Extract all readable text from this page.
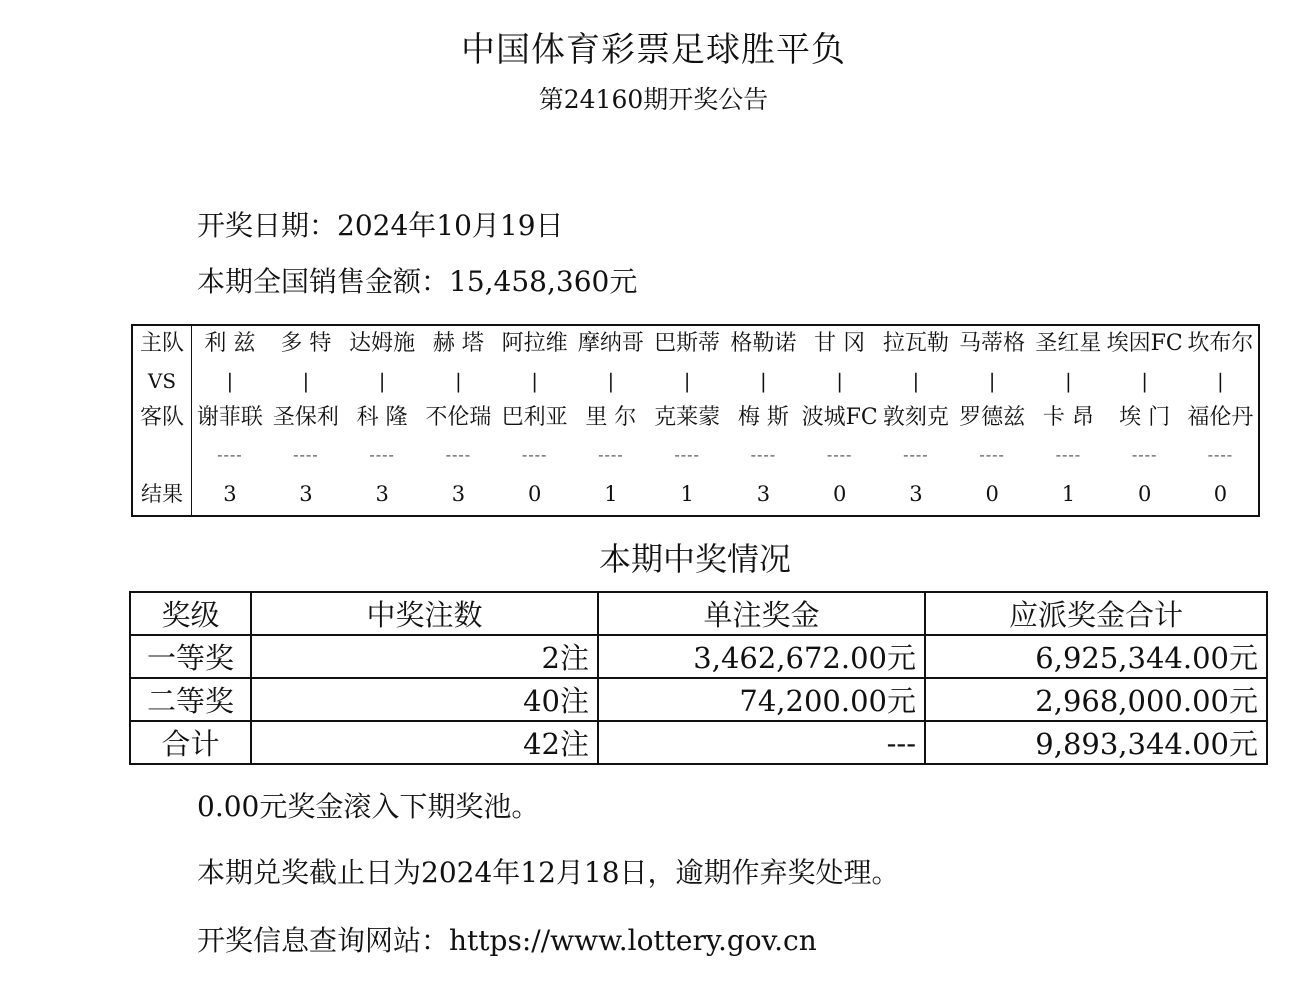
中国体育彩票足球胜平负
第24160期开奖公告
开奖日期：2024年10月19日
本期全国销售金额：15,458,360元
主队	利 兹	多 特	达姆施	赫 塔	阿拉维	摩纳哥	巴斯蒂	格勒诺	甘 冈	拉瓦勒	马蒂格	圣红星	埃因FC	坎布尔
VS	|	|	|	|	|	|	|	|	|	|	|	|	|	|
客队	谢菲联	圣保利	科 隆	不伦瑞	巴利亚	里 尔	克莱蒙	梅 斯	波城FC	敦刻克	罗德兹	卡 昂	埃 门	福伦丹
	----	----	----	----	----	----	----	----	----	----	----	----	----	----
结果	3	3	3	3	0	1	1	3	0	3	0	1	0	0
本期中奖情况
奖级	中奖注数	单注奖金	应派奖金合计
一等奖	2注	3,462,672.00元	6,925,344.00元
二等奖	40注	74,200.00元	2,968,000.00元
合计	42注	---	9,893,344.00元
0.00元奖金滚入下期奖池。
本期兑奖截止日为2024年12月18日，逾期作弃奖处理。
开奖信息查询网站：https://www.lottery.gov.cn
